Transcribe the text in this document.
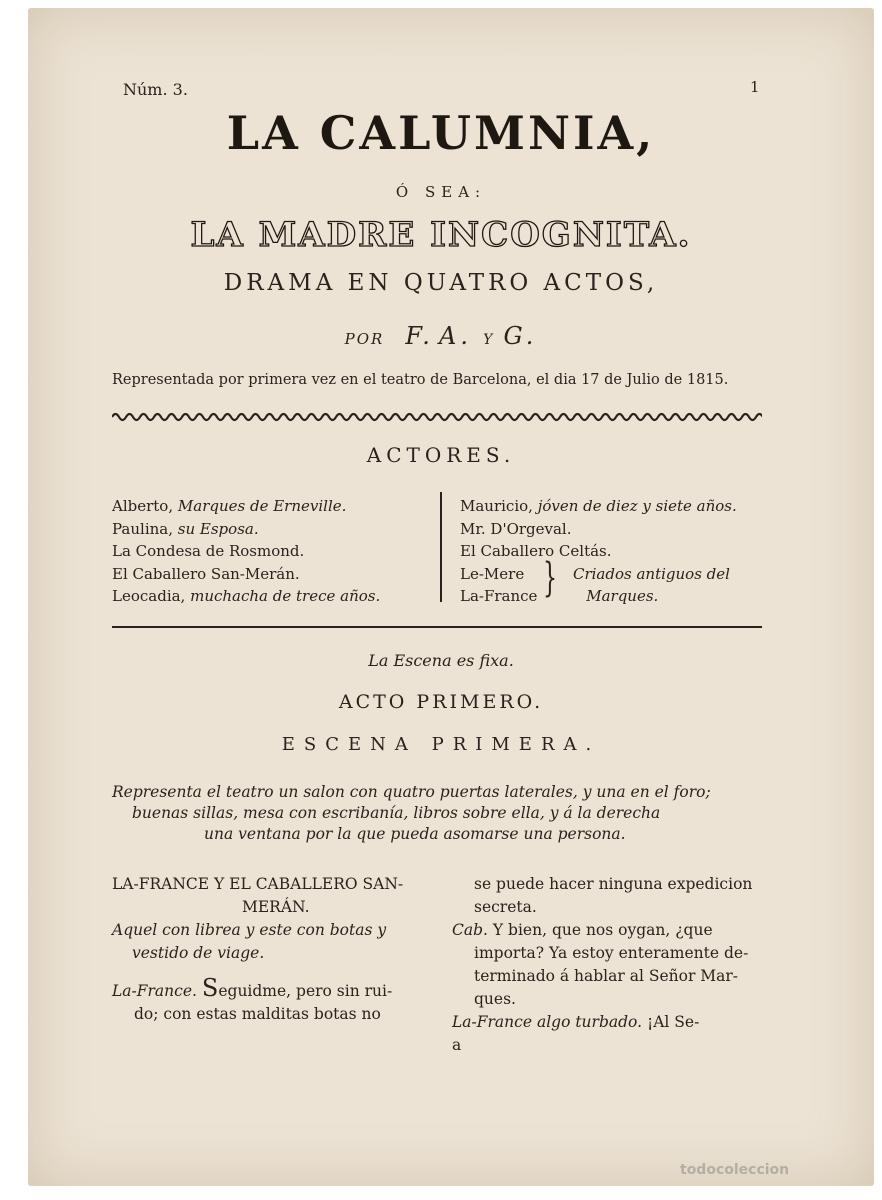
Núm. 3.	1
LA CALUMNIA,
Ó SEA:
LA MADRE INCOGNITA.
DRAMA EN QUATRO ACTOS,
POR F. A. Y G.
Representada por primera vez en el teatro de Barcelona, el dia 17 de Julio de 1815.
ACTORES.
Alberto, Marques de Erneville.
Paulina, su Esposa.
La Condesa de Rosmond.
El Caballero San-Merán.
Leocadia, muchacha de trece años.
Mauricio, jóven de diez y siete años.
Mr. D'Orgeval.
El Caballero Celtás.
Le-Mere	Criados antiguos del
La-France	Marques.
}
La Escena es fixa.
ACTO PRIMERO.
ESCENA PRIMERA.
Representa el teatro un salon con quatro puertas laterales, y una en el foro;
buenas sillas, mesa con escribanía, libros sobre ella, y á la derecha
una ventana por la que pueda asomarse una persona.
LA-FRANCE Y EL CABALLERO SAN-
MERÁN.
Aquel con librea y este con botas y
vestido de viage.
La-France. Seguidme, pero sin rui-
do; con estas malditas botas no
se puede hacer ninguna expedicion
secreta.
Cab. Y bien, que nos oygan, ¿que
importa? Ya estoy enteramente de-
terminado á hablar al Señor Mar-
ques.
La-France algo turbado. ¡Al Se-
a
todocoleccion
